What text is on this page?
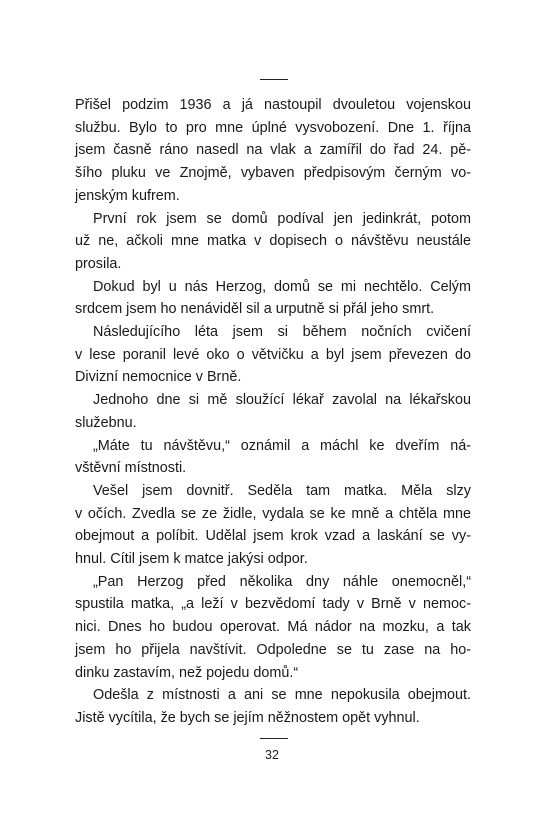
Přišel podzim 1936 a já nastoupil dvouletou vojenskou
službu. Bylo to pro mne úplné vysvobození. Dne 1. října
jsem časně ráno nasedl na vlak a zamířil do řad 24. pě-
šího pluku ve Znojmě, vybaven předpisovým černým vo-
jenským kufrem.
První rok jsem se domů podíval jen jedinkrát, potom
už ne, ačkoli mne matka v dopisech o návštěvu neustále
prosila.
Dokud byl u nás Herzog, domů se mi nechtělo. Celým
srdcem jsem ho nenáviděl sil a urputně si přál jeho smrt.
Následujícího léta jsem si během nočních cvičení
v lese poranil levé oko o větvičku a byl jsem převezen do
Divizní nemocnice v Brně.
Jednoho dne si mě sloužící lékař zavolal na lékařskou
služebnu.
„Máte tu návštěvu,“ oznámil a máchl ke dveřím ná-
vštěvní místnosti.
Vešel jsem dovnitř. Seděla tam matka. Měla slzy
v očích. Zvedla se ze židle, vydala se ke mně a chtěla mne
obejmout a políbit. Udělal jsem krok vzad a laskání se vy-
hnul. Cítil jsem k matce jakýsi odpor.
„Pan Herzog před několika dny náhle onemocněl,“
spustila matka, „a leží v bezvědomí tady v Brně v nemoc-
nici. Dnes ho budou operovat. Má nádor na mozku, a tak
jsem ho přijela navštívit. Odpoledne se tu zase na ho-
dinku zastavím, než pojedu domů.“
Odešla z místnosti a ani se mne nepokusila obejmout.
Jistě vycítila, že bych se jejím něžnostem opět vyhnul.
32
